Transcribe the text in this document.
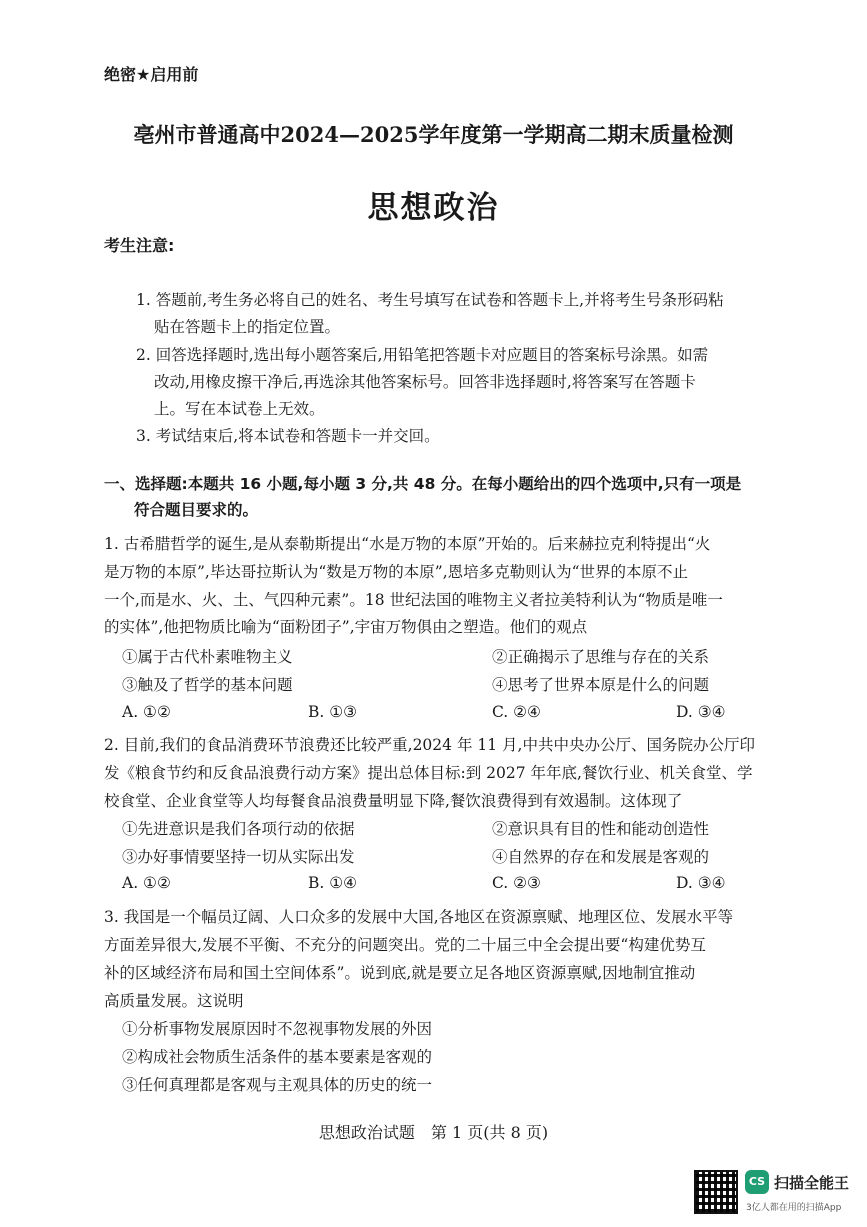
绝密★启用前
亳州市普通高中2024—2025学年度第一学期高二期末质量检测
思想政治
考生注意:
1. 答题前,考生务必将自己的姓名、考生号填写在试卷和答题卡上,并将考生号条形码粘
贴在答题卡上的指定位置。
2. 回答选择题时,选出每小题答案后,用铅笔把答题卡对应题目的答案标号涂黑。如需
改动,用橡皮擦干净后,再选涂其他答案标号。回答非选择题时,将答案写在答题卡
上。写在本试卷上无效。
3. 考试结束后,将本试卷和答题卡一并交回。
一、选择题:本题共 16 小题,每小题 3 分,共 48 分。在每小题给出的四个选项中,只有一项是
符合题目要求的。
1. 古希腊哲学的诞生,是从泰勒斯提出“水是万物的本原”开始的。后来赫拉克利特提出“火
是万物的本原”,毕达哥拉斯认为“数是万物的本原”,恩培多克勒则认为“世界的本原不止
一个,而是水、火、土、气四种元素”。18 世纪法国的唯物主义者拉美特利认为“物质是唯一
的实体”,他把物质比喻为“面粉团子”,宇宙万物俱由之塑造。他们的观点
①属于古代朴素唯物主义	②正确揭示了思维与存在的关系
③触及了哲学的基本问题	④思考了世界本原是什么的问题
A. ①②	B. ①③	C. ②④	D. ③④
2. 目前,我们的食品消费环节浪费还比较严重,2024 年 11 月,中共中央办公厅、国务院办公厅印
发《粮食节约和反食品浪费行动方案》提出总体目标:到 2027 年年底,餐饮行业、机关食堂、学
校食堂、企业食堂等人均每餐食品浪费量明显下降,餐饮浪费得到有效遏制。这体现了
①先进意识是我们各项行动的依据	②意识具有目的性和能动创造性
③办好事情要坚持一切从实际出发	④自然界的存在和发展是客观的
A. ①②	B. ①④	C. ②③	D. ③④
3. 我国是一个幅员辽阔、人口众多的发展中大国,各地区在资源禀赋、地理区位、发展水平等
方面差异很大,发展不平衡、不充分的问题突出。党的二十届三中全会提出要“构建优势互
补的区域经济布局和国土空间体系”。说到底,就是要立足各地区资源禀赋,因地制宜推动
高质量发展。这说明
①分析事物发展原因时不忽视事物发展的外因
②构成社会物质生活条件的基本要素是客观的
③任何真理都是客观与主观具体的历史的统一
思想政治试题　第 1 页(共 8 页)
CS 扫描全能王
3亿人都在用的扫描App
